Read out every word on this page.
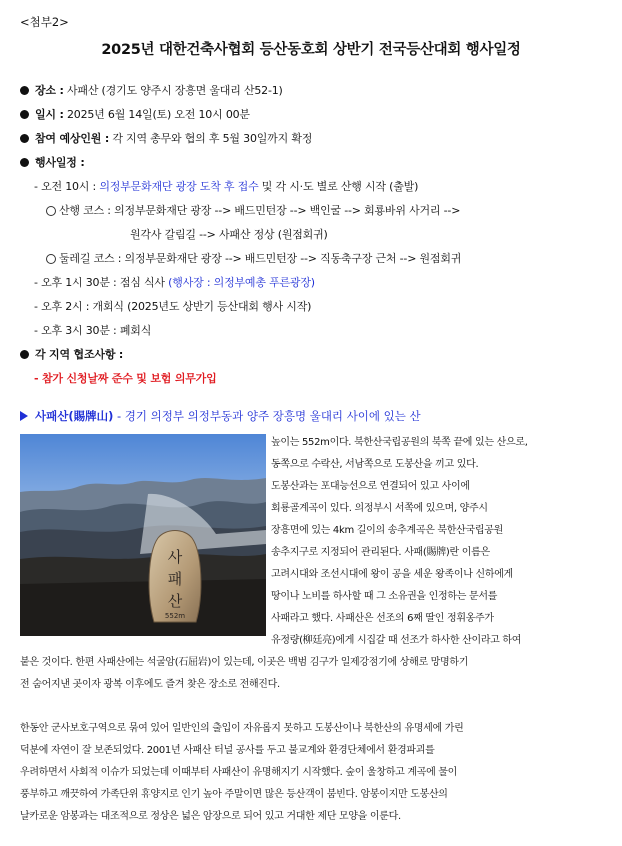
<첨부2>
2025년 대한건축사협회 등산동호회 상반기 전국등산대회 행사일정
장소 : 사패산 (경기도 양주시 장흥면 울대리 산52-1)
일시 : 2025년 6월 14일(토) 오전 10시 00분
참여 예상인원 : 각 지역 총무와 협의 후 5월 30일까지 확정
행사일정 :
- 오전 10시 : 의정부문화재단 광장 도착 후 접수 및 각 시·도 별로 산행 시작 (출발)
산행 코스 : 의정부문화재단 광장 --> 배드민턴장 --> 백인굴 --> 회룡바위 사거리 -->
원각사 갈림길 --> 사패산 정상 (원점회귀)
둘레길 코스 : 의정부문화재단 광장 --> 배드민턴장 --> 직동축구장 근처 --> 원점회귀
- 오후 1시 30분 : 점심 식사 (행사장 : 의정부예총 푸른광장)
- 오후 2시 : 개회식 (2025년도 상반기 등산대회 행사 시작)
- 오후 3시 30분 : 폐회식
각 지역 협조사항 :
- 참가 신청날짜 준수 및 보험 의무가입
사패산(賜牌山) - 경기 의정부 의정부동과 양주 장흥명 울대리 사이에 있는 산
사
패
산
552m
높이는 552m이다. 북한산국립공원의 북쪽 끝에 있는 산으로,
동쪽으로 수락산, 서남쪽으로 도봉산을 끼고 있다.
도봉산과는 포대능선으로 연결되어 있고 사이에
회룡골계곡이 있다. 의정부시 서쪽에 있으며, 양주시
장흥면에 있는 4km 길이의 송추계곡은 북한산국립공원
송추지구로 지정되어 관리된다. 사패(賜牌)란 이름은
고려시대와 조선시대에 왕이 공을 세운 왕족이나 신하에게
땅이나 노비를 하사할 때 그 소유권을 인정하는 문서를
사패라고 했다. 사패산은 선조의 6째 딸인 정휘옹주가
유정량(柳廷亮)에게 시집갈 때 선조가 하사한 산이라고 하여
붙은 것이다. 한편 사패산에는 석굴암(石屈岩)이 있는데, 이곳은 백범 김구가 일제강점기에 상해로 망명하기
전 숨어지낸 곳이자 광복 이후에도 즐겨 찾은 장소로 전해진다.
한동안 군사보호구역으로 묶여 있어 일반인의 출입이 자유롭지 못하고 도봉산이나 북한산의 유명세에 가린
덕분에 자연이 잘 보존되었다. 2001년 사패산 터널 공사를 두고 불교계와 환경단체에서 환경파괴를
우려하면서 사회적 이슈가 되었는데 이때부터 사패산이 유명해지기 시작했다. 숲이 울창하고 계곡에 물이
풍부하고 깨끗하여 가족단위 휴양지로 인기 높아 주말이면 많은 등산객이 붐빈다. 암봉이지만 도봉산의
날카로운 암봉과는 대조적으로 정상은 넓은 암장으로 되어 있고 거대한 제단 모양을 이룬다.
